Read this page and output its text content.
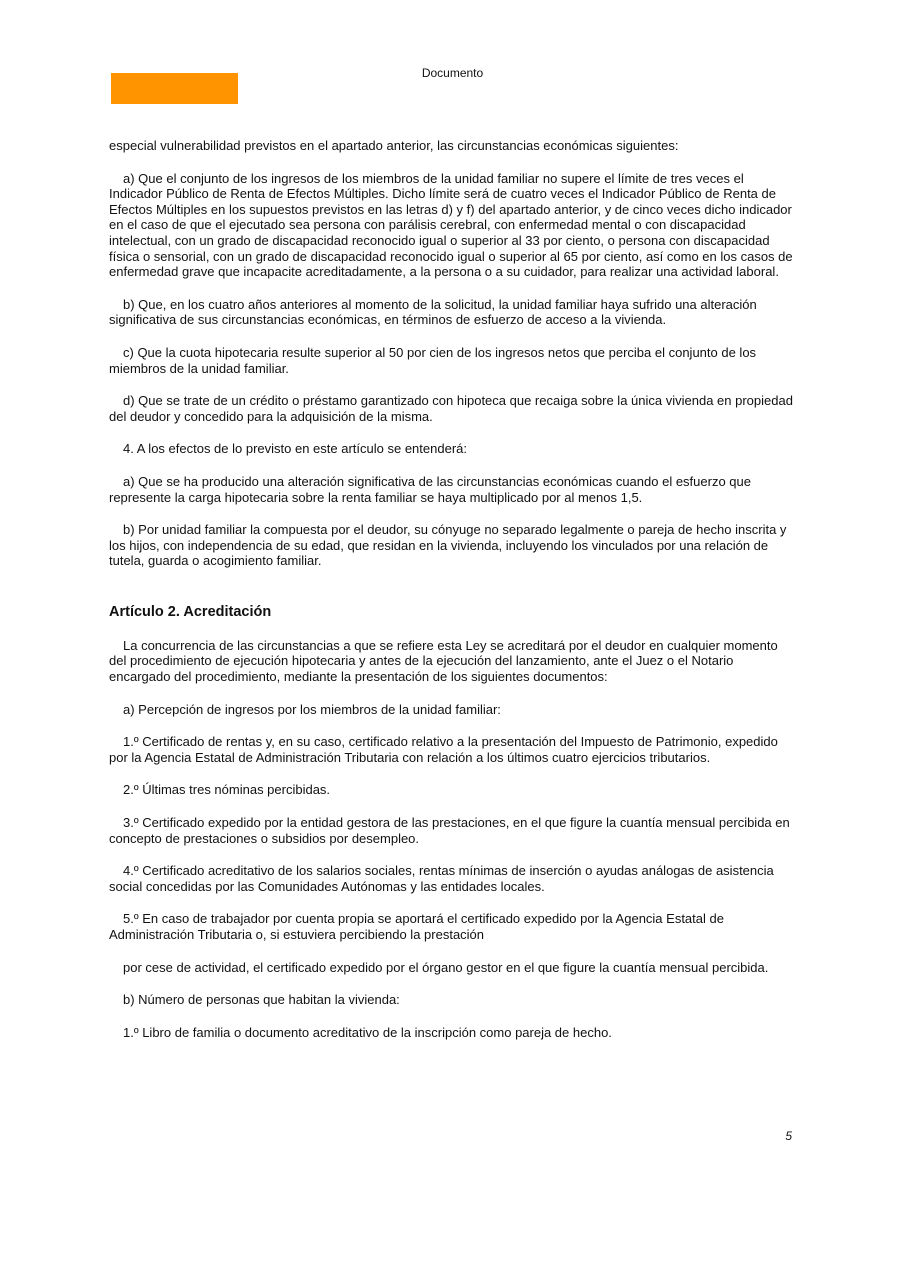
Documento

especial vulnerabilidad previstos en el apartado anterior, las circunstancias económicas siguientes:

a) Que el conjunto de los ingresos de los miembros de la unidad familiar no supere el límite de tres veces el Indicador Público de Renta de Efectos Múltiples. Dicho límite será de cuatro veces el Indicador Público de Renta de Efectos Múltiples en los supuestos previstos en las letras d) y f) del apartado anterior, y de cinco veces dicho indicador en el caso de que el ejecutado sea persona con parálisis cerebral, con enfermedad mental o con discapacidad intelectual, con un grado de discapacidad reconocido igual o superior al 33 por ciento, o persona con discapacidad física o sensorial, con un grado de discapacidad reconocido igual o superior al 65 por ciento, así como en los casos de enfermedad grave que incapacite acreditadamente, a la persona o a su cuidador, para realizar una actividad laboral.

b) Que, en los cuatro años anteriores al momento de la solicitud, la unidad familiar haya sufrido una alteración significativa de sus circunstancias económicas, en términos de esfuerzo de acceso a la vivienda.

c) Que la cuota hipotecaria resulte superior al 50 por cien de los ingresos netos que perciba el conjunto de los miembros de la unidad familiar.

d) Que se trate de un crédito o préstamo garantizado con hipoteca que recaiga sobre la única vivienda en propiedad del deudor y concedido para la adquisición de la misma.

4. A los efectos de lo previsto en este artículo se entenderá:

a) Que se ha producido una alteración significativa de las circunstancias económicas cuando el esfuerzo que represente la carga hipotecaria sobre la renta familiar se haya multiplicado por al menos 1,5.

b) Por unidad familiar la compuesta por el deudor, su cónyuge no separado legalmente o pareja de hecho inscrita y los hijos, con independencia de su edad, que residan en la vivienda, incluyendo los vinculados por una relación de tutela, guarda o acogimiento familiar.

Artículo 2. Acreditación

La concurrencia de las circunstancias a que se refiere esta Ley se acreditará por el deudor en cualquier momento del procedimiento de ejecución hipotecaria y antes de la ejecución del lanzamiento, ante el Juez o el Notario encargado del procedimiento, mediante la presentación de los siguientes documentos:

a) Percepción de ingresos por los miembros de la unidad familiar:

1.º Certificado de rentas y, en su caso, certificado relativo a la presentación del Impuesto de Patrimonio, expedido por la Agencia Estatal de Administración Tributaria con relación a los últimos cuatro ejercicios tributarios.

2.º Últimas tres nóminas percibidas.

3.º Certificado expedido por la entidad gestora de las prestaciones, en el que figure la cuantía mensual percibida en concepto de prestaciones o subsidios por desempleo.

4.º Certificado acreditativo de los salarios sociales, rentas mínimas de inserción o ayudas análogas de asistencia social concedidas por las Comunidades Autónomas y las entidades locales.

5.º En caso de trabajador por cuenta propia se aportará el certificado expedido por la Agencia Estatal de Administración Tributaria o, si estuviera percibiendo la prestación

por cese de actividad, el certificado expedido por el órgano gestor en el que figure la cuantía mensual percibida.

b) Número de personas que habitan la vivienda:

1.º Libro de familia o documento acreditativo de la inscripción como pareja de hecho.

5
